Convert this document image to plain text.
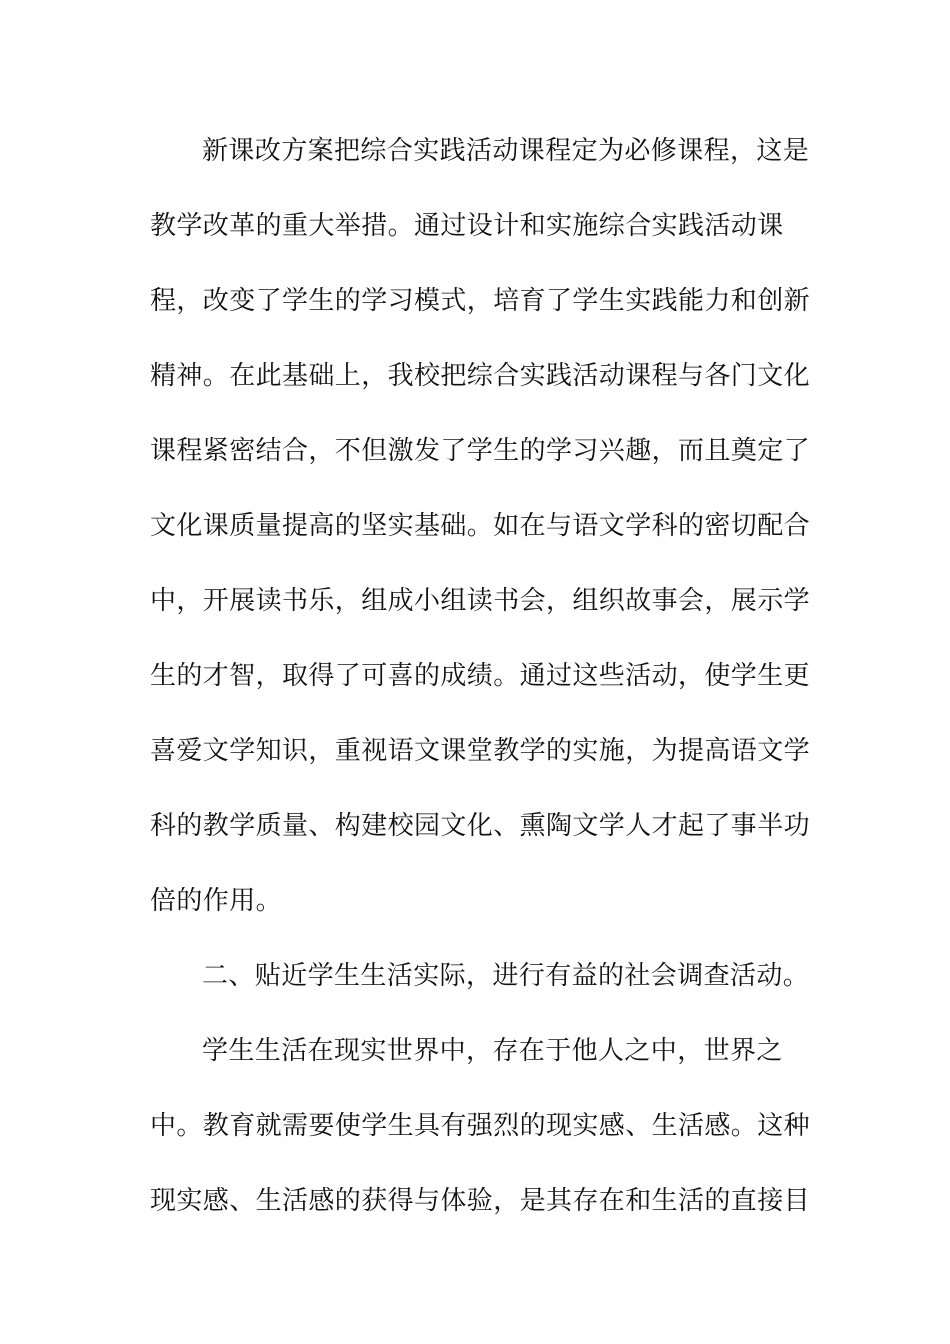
新课改方案把综合实践活动课程定为必修课程，这是
教学改革的重大举措。通过设计和实施综合实践活动课
程，改变了学生的学习模式，培育了学生实践能力和创新
精神。在此基础上，我校把综合实践活动课程与各门文化
课程紧密结合，不但激发了学生的学习兴趣，而且奠定了
文化课质量提高的坚实基础。如在与语文学科的密切配合
中，开展读书乐，组成小组读书会，组织故事会，展示学
生的才智，取得了可喜的成绩。通过这些活动，使学生更
喜爱文学知识，重视语文课堂教学的实施，为提高语文学
科的教学质量、构建校园文化、熏陶文学人才起了事半功
倍的作用。
二、贴近学生生活实际，进行有益的社会调查活动。
学生生活在现实世界中，存在于他人之中，世界之
中。教育就需要使学生具有强烈的现实感、生活感。这种
现实感、生活感的获得与体验，是其存在和生活的直接目
